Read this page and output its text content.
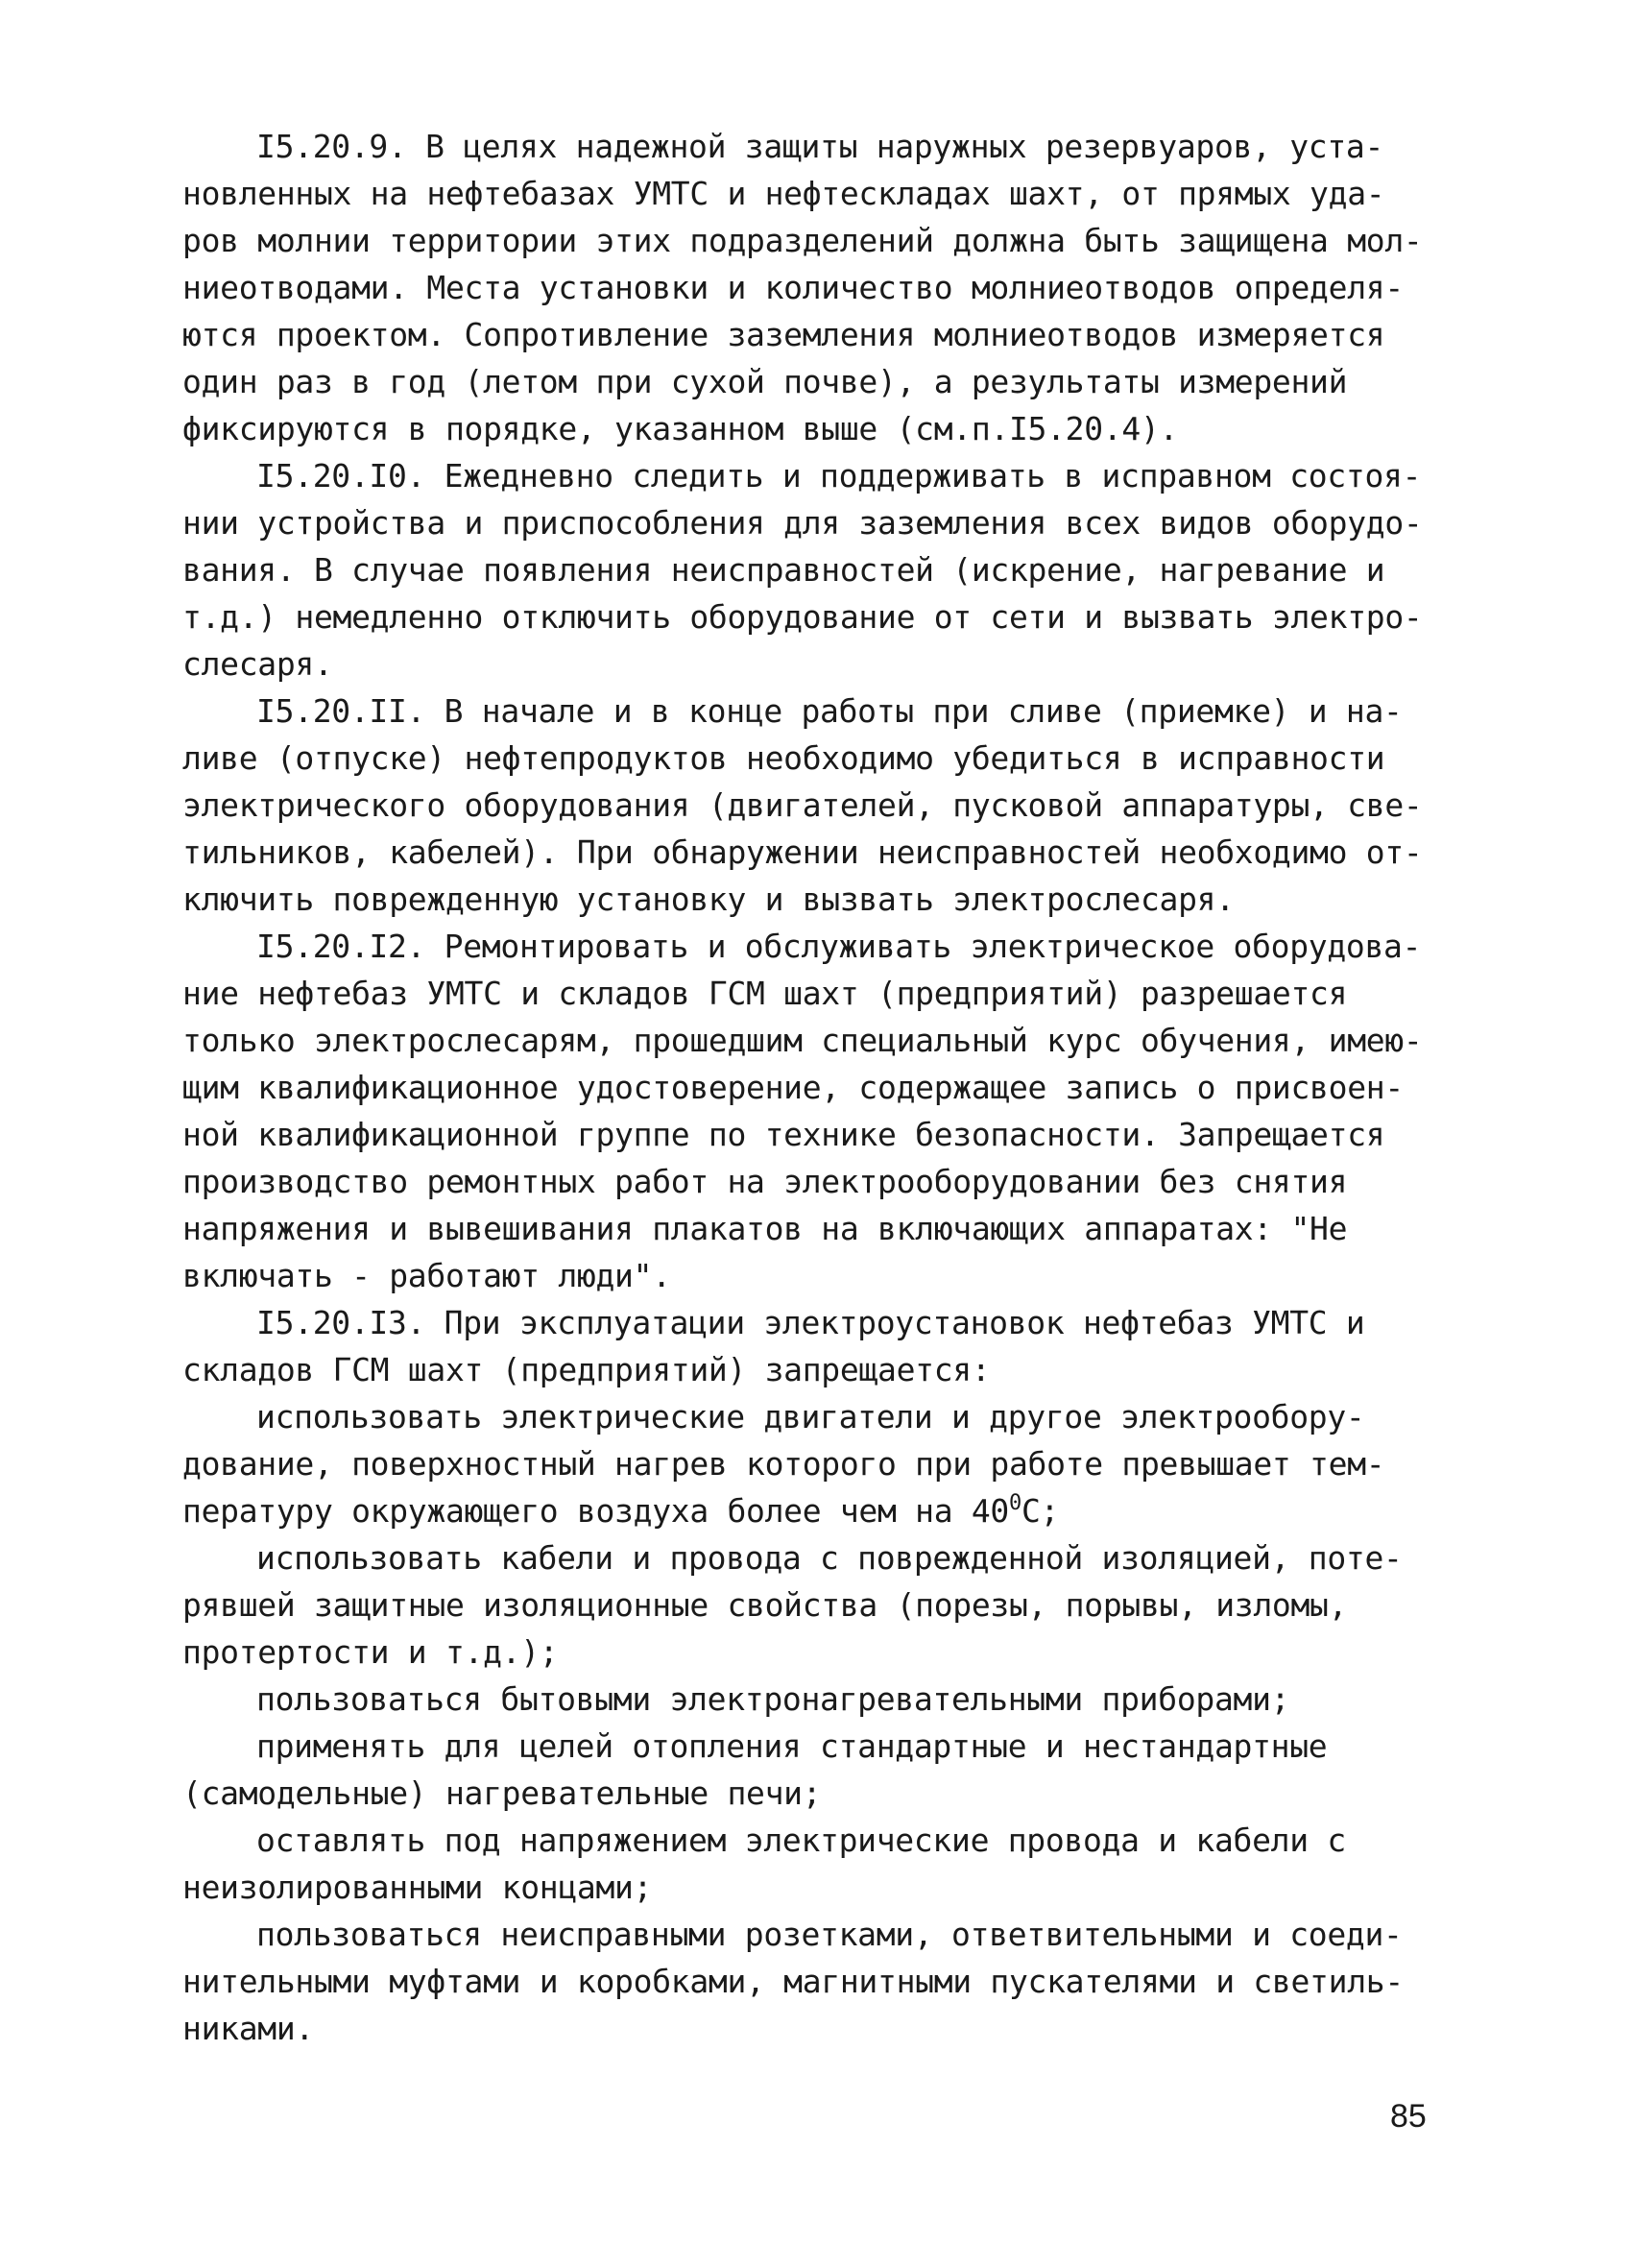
I5.20.9. В целях надежной защиты наружных резервуаров, уста-
новленных на нефтебазах УМТС и нефтескладах шахт, от прямых уда-
ров молнии территории этих подразделений должна быть защищена мол-
ниеотводами. Места установки и количество молниеотводов определя-
ются проектом. Сопротивление заземления молниеотводов измеряется
один раз в год (летом при сухой почве), а результаты измерений
фиксируются в порядке, указанном выше (см.п.I5.20.4).
I5.20.I0. Ежедневно следить и поддерживать в исправном состоя-
нии устройства и приспособления для заземления всех видов оборудо-
вания. В случае появления неисправностей (искрение, нагревание и
т.д.) немедленно отключить оборудование от сети и вызвать электро-
слесаря.
I5.20.II. В начале и в конце работы при сливе (приемке) и на-
ливе (отпуске) нефтепродуктов необходимо убедиться в исправности
электрического оборудования (двигателей, пусковой аппаратуры, све-
тильников, кабелей). При обнаружении неисправностей необходимо от-
ключить поврежденную установку и вызвать электрослесаря.
I5.20.I2. Ремонтировать и обслуживать электрическое оборудова-
ние нефтебаз УМТС и складов ГСМ шахт (предприятий) разрешается
только электрослесарям, прошедшим специальный курс обучения, имею-
щим квалификационное удостоверение, содержащее запись о присвоен-
ной квалификационной группе по технике безопасности. Запрещается
производство ремонтных работ на электрооборудовании без снятия
напряжения и вывешивания плакатов на включающих аппаратах: "Не
включать - работают люди".
I5.20.I3. При эксплуатации электроустановок нефтебаз УМТС и
складов ГСМ шахт (предприятий) запрещается:
использовать электрические двигатели и другое электрообору-
дование, поверхностный нагрев которого при работе превышает тем-
пературу окружающего воздуха более чем на $40^0С$;
использовать кабели и провода с поврежденной изоляцией, поте-
рявшей защитные изоляционные свойства (порезы, порывы, изломы,
протертости и т.д.);
пользоваться бытовыми электронагревательными приборами;
применять для целей отопления стандартные и нестандартные
(самодельные) нагревательные печи;
оставлять под напряжением электрические провода и кабели с
неизолированными концами;
пользоваться неисправными розетками, ответвительными и соеди-
нительными муфтами и коробками, магнитными пускателями и светиль-
никами.
85
